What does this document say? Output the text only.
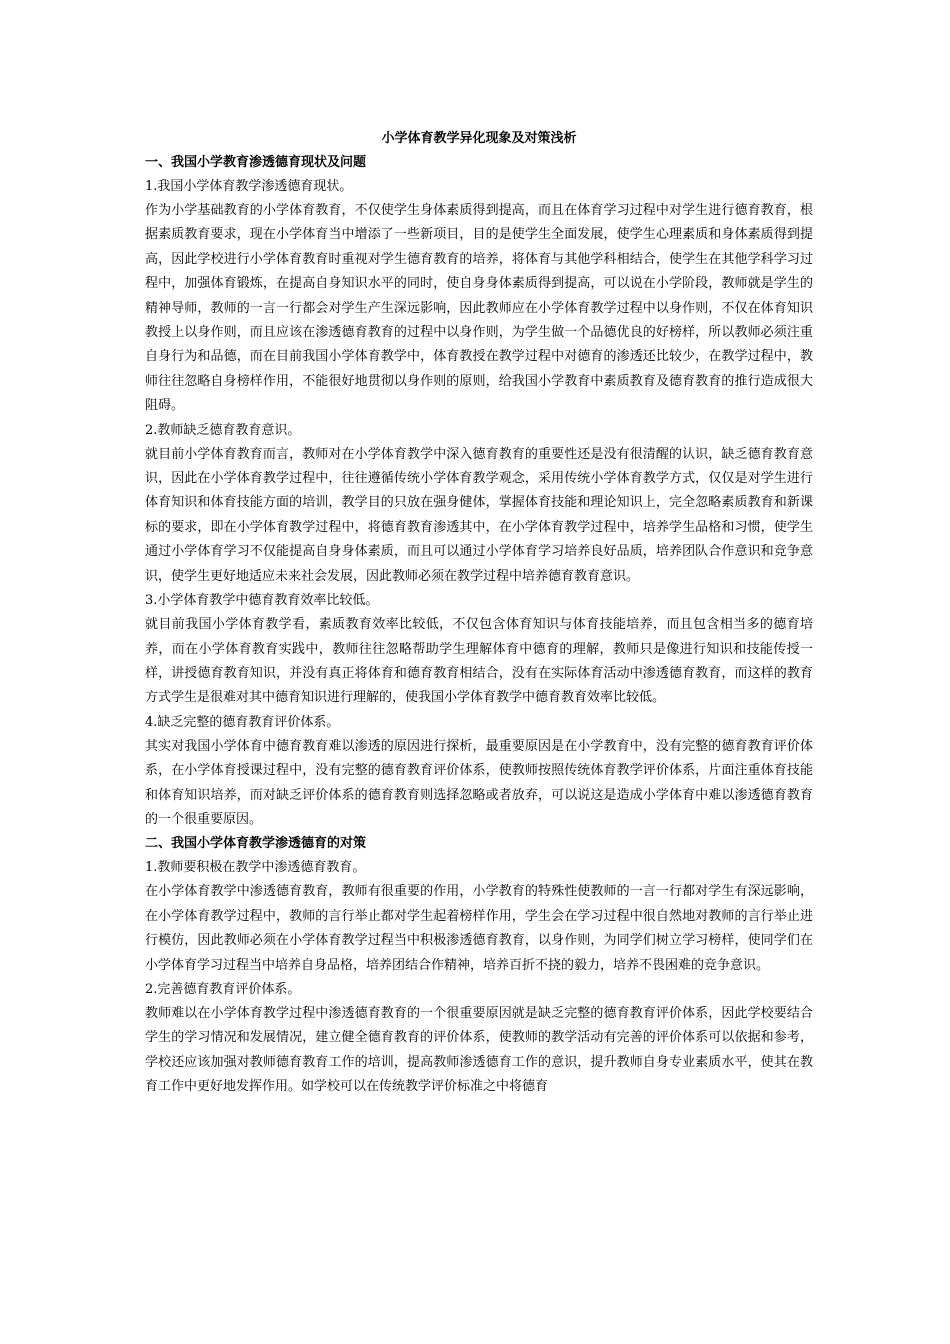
小学体育教学异化现象及对策浅析

一、我国小学教育渗透德育现状及问题

1.我国小学体育教学渗透德育现状。

作为小学基础教育的小学体育教育，不仅使学生身体素质得到提高，而且在体育学习过程中对学生进行德育教育，根据素质教育要求，现在小学体育当中增添了一些新项目，目的是使学生全面发展，使学生心理素质和身体素质得到提高，因此学校进行小学体育教育时重视对学生德育教育的培养，将体育与其他学科相结合，使学生在其他学科学习过程中，加强体育锻炼，在提高自身知识水平的同时，使自身身体素质得到提高，可以说在小学阶段，教师就是学生的精神导师，教师的一言一行都会对学生产生深远影响，因此教师应在小学体育教学过程中以身作则，不仅在体育知识教授上以身作则，而且应该在渗透德育教育的过程中以身作则，为学生做一个品德优良的好榜样，所以教师必须注重自身行为和品德，而在目前我国小学体育教学中，体育教授在教学过程中对德育的渗透还比较少，在教学过程中，教师往往忽略自身榜样作用，不能很好地贯彻以身作则的原则，给我国小学教育中素质教育及德育教育的推行造成很大阻碍。

2.教师缺乏德育教育意识。

就目前小学体育教育而言，教师对在小学体育教学中深入德育教育的重要性还是没有很清醒的认识，缺乏德育教育意识，因此在小学体育教学过程中，往往遵循传统小学体育教学观念，采用传统小学体育教学方式，仅仅是对学生进行体育知识和体育技能方面的培训，教学目的只放在强身健体，掌握体育技能和理论知识上，完全忽略素质教育和新课标的要求，即在小学体育教学过程中，将德育教育渗透其中，在小学体育教学过程中，培养学生品格和习惯，使学生通过小学体育学习不仅能提高自身身体素质，而且可以通过小学体育学习培养良好品质，培养团队合作意识和竞争意识，使学生更好地适应未来社会发展，因此教师必须在教学过程中培养德育教育意识。

3.小学体育教学中德育教育效率比较低。

就目前我国小学体育教学看，素质教育效率比较低，不仅包含体育知识与体育技能培养，而且包含相当多的德育培养，而在小学体育教育实践中，教师往往忽略帮助学生理解体育中德育的理解，教师只是像进行知识和技能传授一样，讲授德育教育知识，并没有真正将体育和德育教育相结合，没有在实际体育活动中渗透德育教育，而这样的教育方式学生是很难对其中德育知识进行理解的，使我国小学体育教学中德育教育效率比较低。

4.缺乏完整的德育教育评价体系。

其实对我国小学体育中德育教育难以渗透的原因进行探析，最重要原因是在小学教育中，没有完整的德育教育评价体系，在小学体育授课过程中，没有完整的德育教育评价体系，使教师按照传统体育教学评价体系，片面注重体育技能和体育知识培养，而对缺乏评价体系的德育教育则选择忽略或者放弃，可以说这是造成小学体育中难以渗透德育教育的一个很重要原因。

二、我国小学体育教学渗透德育的对策

1.教师要积极在教学中渗透德育教育。

在小学体育教学中渗透德育教育，教师有很重要的作用，小学教育的特殊性使教师的一言一行都对学生有深远影响，在小学体育教学过程中，教师的言行举止都对学生起着榜样作用，学生会在学习过程中很自然地对教师的言行举止进行模仿，因此教师必须在小学体育教学过程当中积极渗透德育教育，以身作则，为同学们树立学习榜样，使同学们在小学体育学习过程当中培养自身品格，培养团结合作精神，培养百折不挠的毅力，培养不畏困难的竞争意识。

2.完善德育教育评价体系。

教师难以在小学体育教学过程中渗透德育教育的一个很重要原因就是缺乏完整的德育教育评价体系，因此学校要结合学生的学习情况和发展情况，建立健全德育教育的评价体系，使教师的教学活动有完善的评价体系可以依据和参考，学校还应该加强对教师德育教育工作的培训，提高教师渗透德育工作的意识，提升教师自身专业素质水平，使其在教育工作中更好地发挥作用。如学校可以在传统教学评价标准之中将德育
